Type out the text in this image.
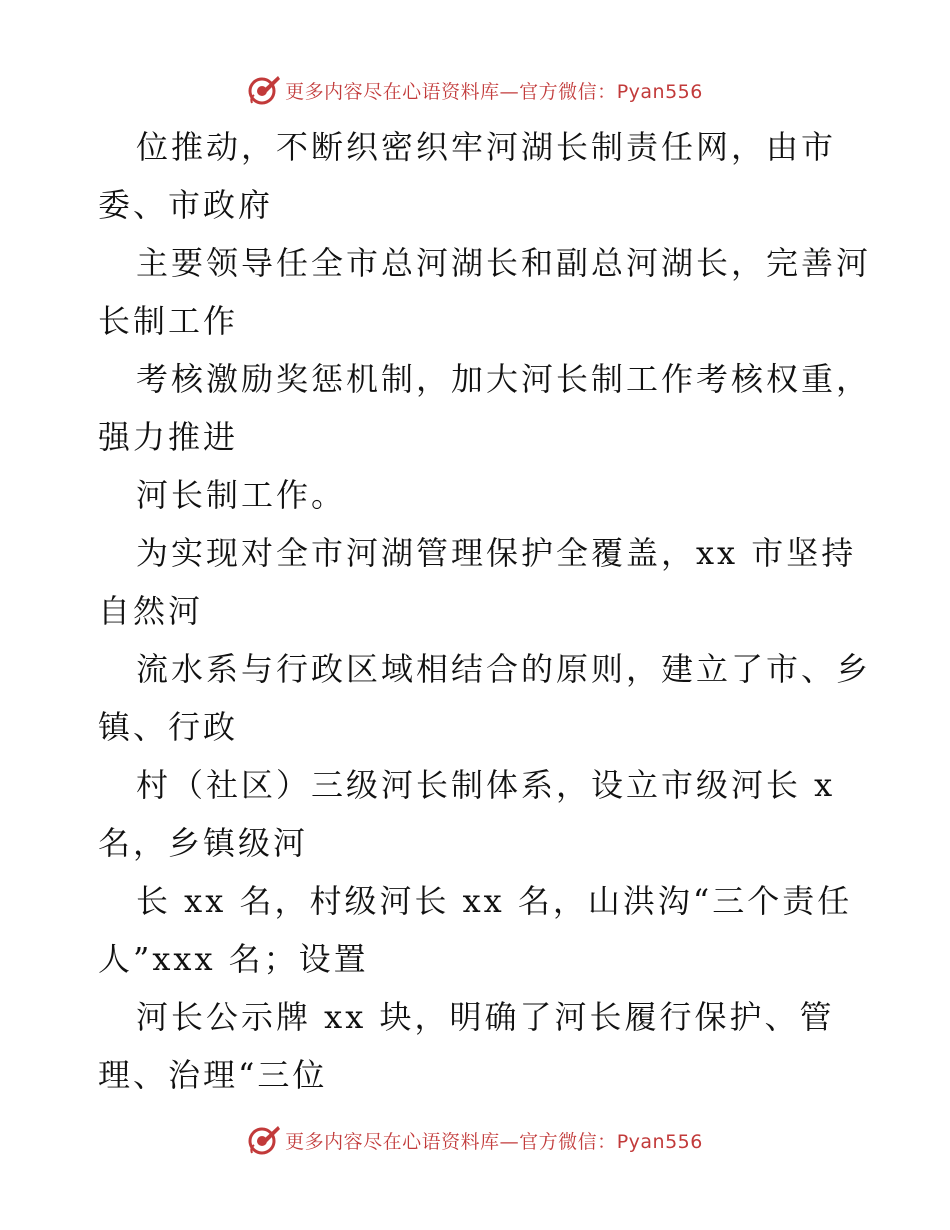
更多内容尽在心语资料库—官方微信：Pyan556
位推动，不断织密织牢河湖长制责任网，由市
委、市政府
主要领导任全市总河湖长和副总河湖长，完善河
长制工作
考核激励奖惩机制，加大河长制工作考核权重，
强力推进
河长制工作。
为实现对全市河湖管理保护全覆盖，xx 市坚持
自然河
流水系与行政区域相结合的原则，建立了市、乡
镇、行政
村（社区）三级河长制体系，设立市级河长 x
名，乡镇级河
长 xx 名，村级河长 xx 名，山洪沟“三个责任
人”xxx 名；设置
河长公示牌 xx 块，明确了河长履行保护、管
理、治理“三位
更多内容尽在心语资料库—官方微信：Pyan556
